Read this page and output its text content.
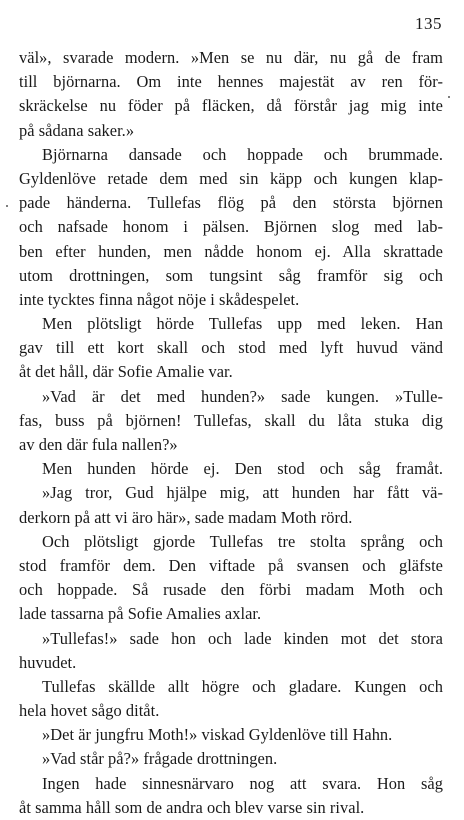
135
väl», svarade modern. »Men se nu där, nu gå de fram
till björnarna. Om inte hennes majestät av ren för-
skräckelse nu föder på fläcken, då förstår jag mig inte
på sådana saker.»
Björnarna dansade och hoppade och brummade.
Gyldenlöve retade dem med sin käpp och kungen klap-
pade händerna. Tullefas flög på den största björnen
och nafsade honom i pälsen. Björnen slog med lab-
ben efter hunden, men nådde honom ej. Alla skrattade
utom drottningen, som tungsint såg framför sig och
inte tycktes finna något nöje i skådespelet.
Men plötsligt hörde Tullefas upp med leken. Han
gav till ett kort skall och stod med lyft huvud vänd
åt det håll, där Sofie Amalie var.
»Vad är det med hunden?» sade kungen. »Tulle-
fas, buss på björnen! Tullefas, skall du låta stuka dig
av den där fula nallen?»
Men hunden hörde ej. Den stod och såg framåt.
»Jag tror, Gud hjälpe mig, att hunden har fått vä-
derkorn på att vi äro här», sade madam Moth rörd.
Och plötsligt gjorde Tullefas tre stolta språng och
stod framför dem. Den viftade på svansen och gläfste
och hoppade. Så rusade den förbi madam Moth och
lade tassarna på Sofie Amalies axlar.
»Tullefas!» sade hon och lade kinden mot det stora
huvudet.
Tullefas skällde allt högre och gladare. Kungen och
hela hovet sågo ditåt.
»Det är jungfru Moth!» viskad Gyldenlöve till Hahn.
»Vad står på?» frågade drottningen.
Ingen hade sinnesnärvaro nog att svara. Hon såg
åt samma håll som de andra och blev varse sin rival.
